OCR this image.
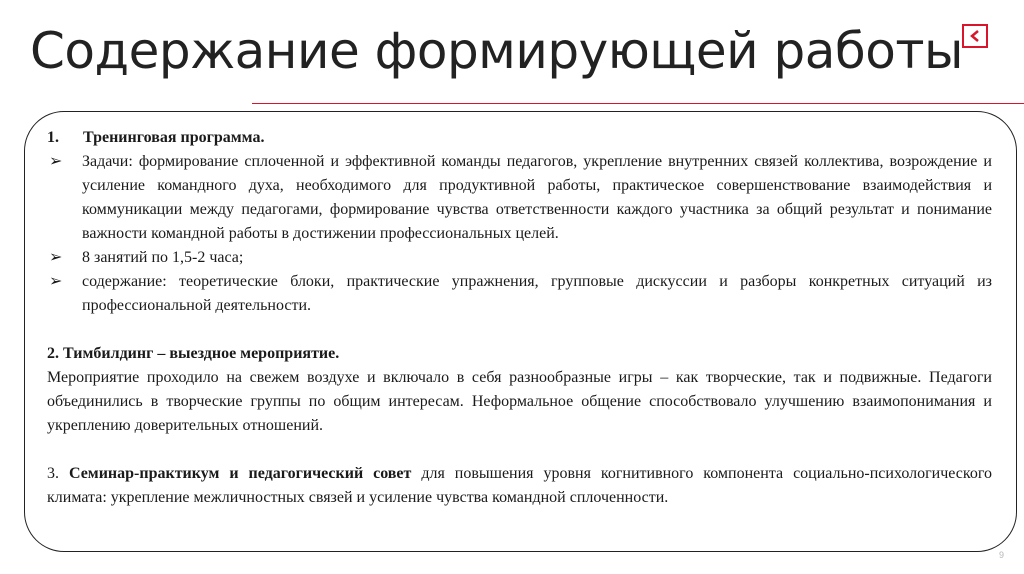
Содержание формирующей работы
1.	Тренинговая программа.
➢	Задачи: формирование сплоченной и эффективной команды педагогов, укрепление внутренних связей коллектива, возрождение и усиление командного духа, необходимого для продуктивной работы, практическое совершенствование взаимодействия и коммуникации между педагогами, формирование чувства ответственности каждого участника за общий результат и понимание важности командной работы в достижении профессиональных целей.
➢	8 занятий по 1,5-2 часа;
➢	содержание: теоретические блоки, практические упражнения, групповые дискуссии и разборы конкретных ситуаций из профессиональной деятельности.

2. Тимбилдинг – выездное мероприятие.

Мероприятие проходило на свежем воздухе и включало в себя разнообразные игры – как творческие, так и подвижные. Педагоги объединились в творческие группы по общим интересам. Неформальное общение способствовало улучшению взаимопонимания и укреплению доверительных отношений.

3. Семинар-практикум и педагогический совет для повышения уровня когнитивного компонента социально-психологического климата: укрепление межличностных связей и усиление чувства командной сплоченности.

9
